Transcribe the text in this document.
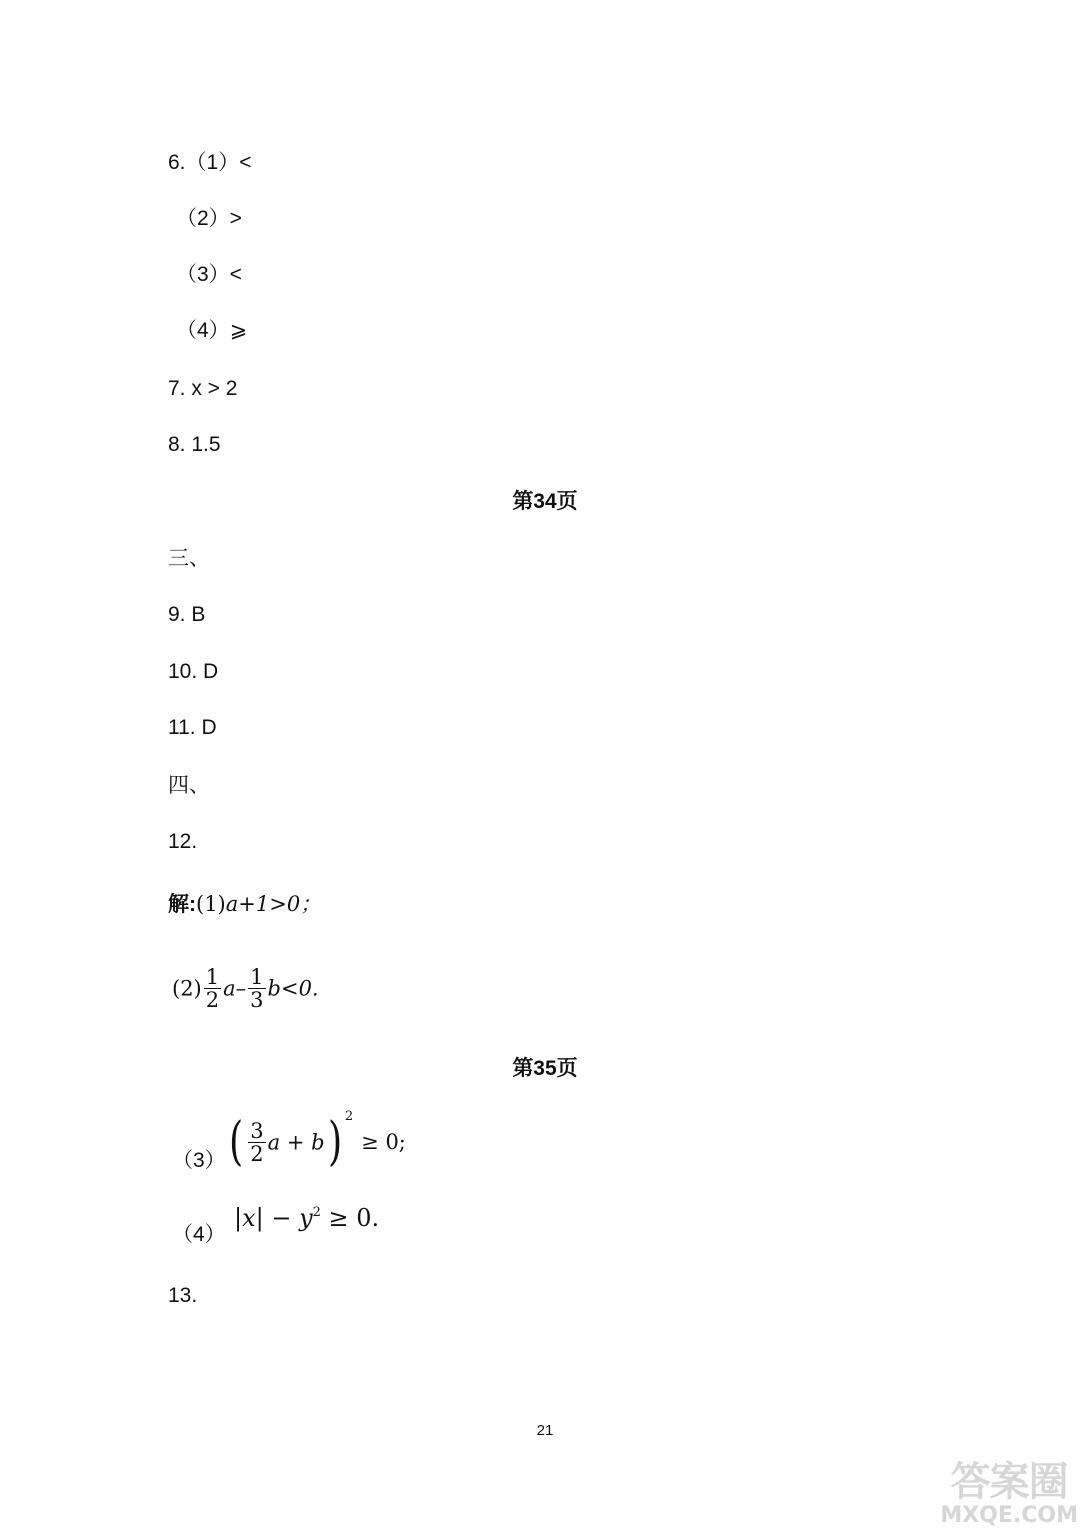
6.（1）<
（2）>
（3）<
（4）⩾
7. x > 2
8. 1.5
第34页
三、
9. B
10. D
11. D
四、
12.
解:(1)a+1>0；
$(2) \frac{1}{2} a- \frac{1}{3} b<0$.
第35页
（3） ( $\frac{3}{2}$ a + b) $^2$≥ 0;
（4）
$|x| - y^2 \ge 0$.
13.
21
答案圈
MXQE.COM
